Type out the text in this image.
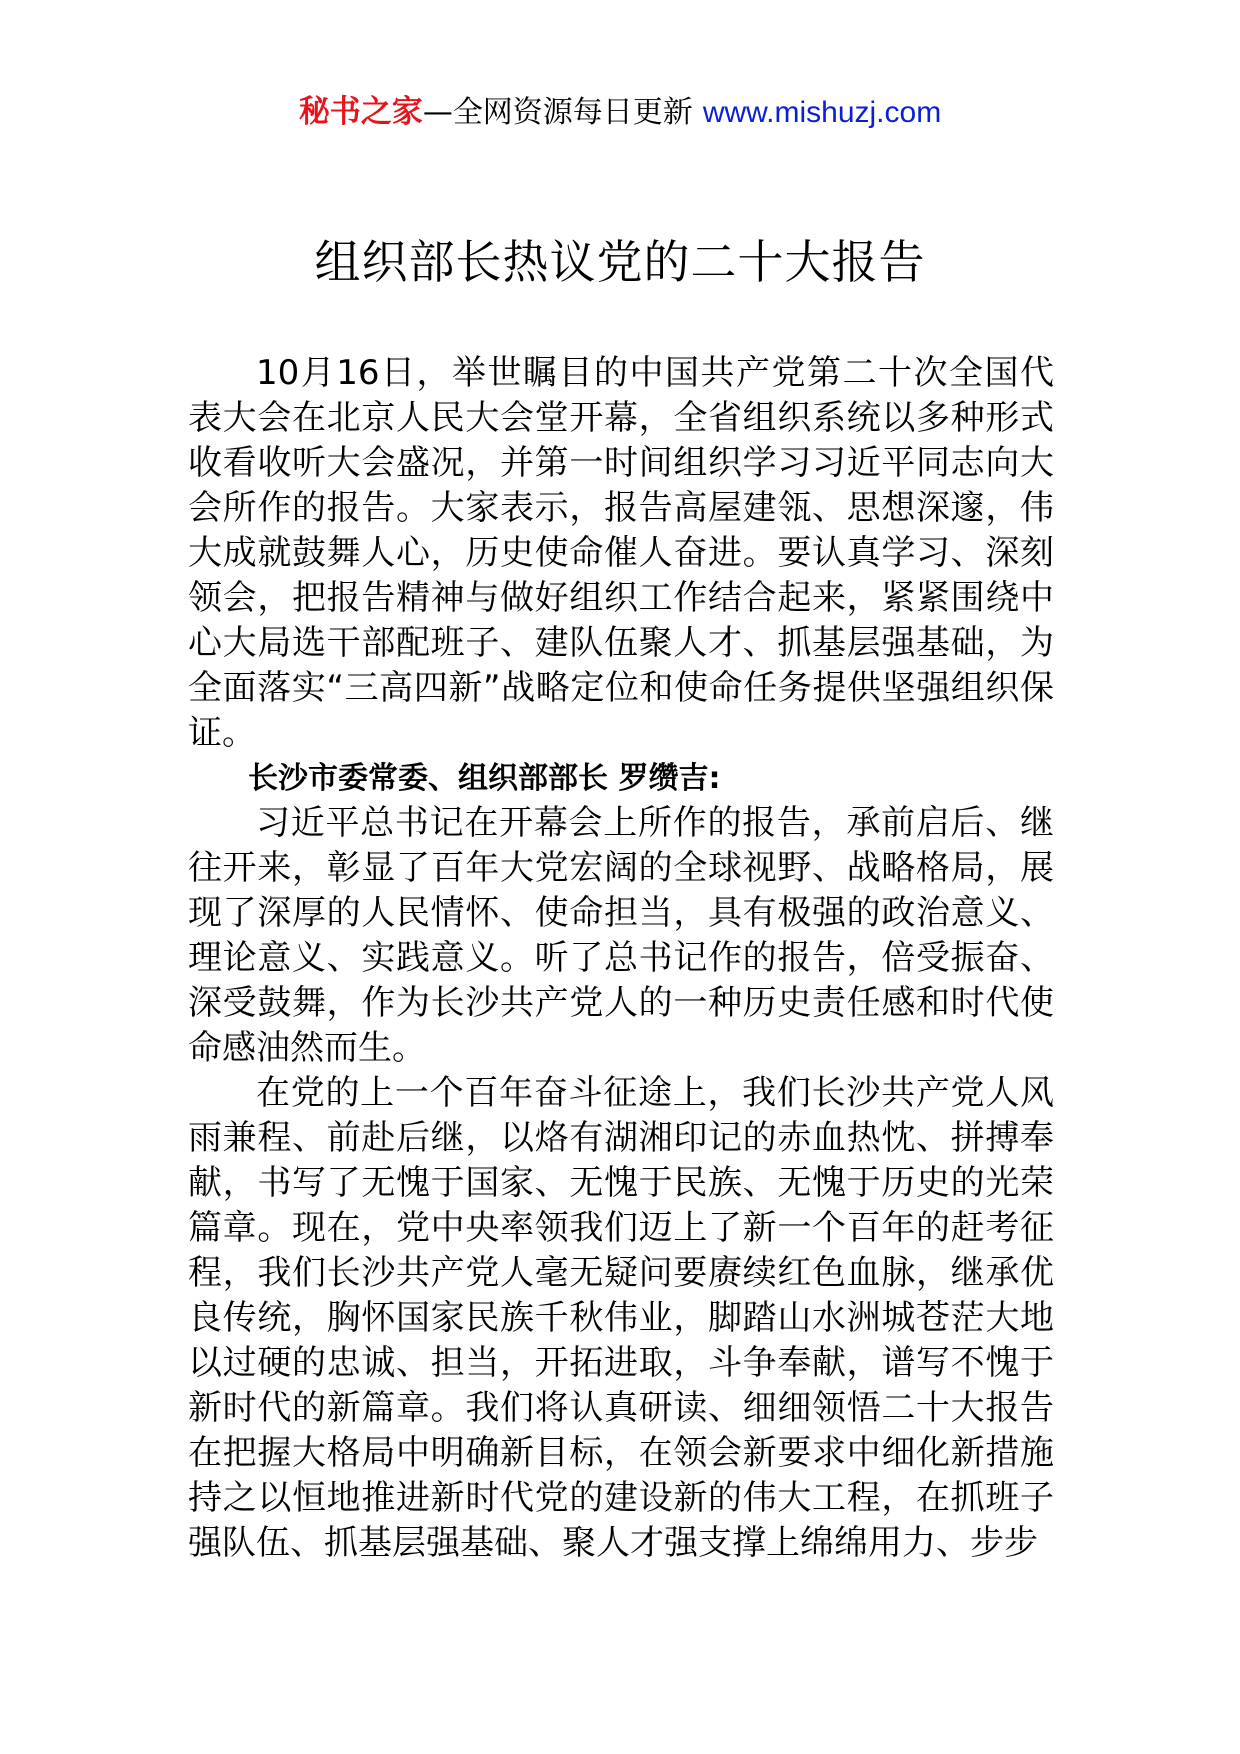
秘书之家—全网资源每日更新 www.mishuzj.com
组织部长热议党的二十大报告

10月16日，举世瞩目的中国共产党第二十次全国代表大会在北京人民大会堂开幕，全省组织系统以多种形式收看收听大会盛况，并第一时间组织学习习近平同志向大会所作的报告。大家表示，报告高屋建瓴、思想深邃，伟大成就鼓舞人心，历史使命催人奋进。要认真学习、深刻领会，把报告精神与做好组织工作结合起来，紧紧围绕中心大局选干部配班子、建队伍聚人才、抓基层强基础，为全面落实“三高四新”战略定位和使命任务提供坚强组织保证。

长沙市委常委、组织部部长 罗缵吉:

习近平总书记在开幕会上所作的报告，承前启后、继往开来，彰显了百年大党宏阔的全球视野、战略格局，展现了深厚的人民情怀、使命担当，具有极强的政治意义、理论意义、实践意义。听了总书记作的报告，倍受振奋、深受鼓舞，作为长沙共产党人的一种历史责任感和时代使命感油然而生。

在党的上一个百年奋斗征途上，我们长沙共产党人风雨兼程、前赴后继，以烙有湖湘印记的赤血热忱、拼搏奉献，书写了无愧于国家、无愧于民族、无愧于历史的光荣篇章。现在，党中央率领我们迈上了新一个百年的赶考征程，我们长沙共产党人毫无疑问要赓续红色血脉，继承优良传统，胸怀国家民族千秋伟业，脚踏山水洲城苍茫大地以过硬的忠诚、担当，开拓进取，斗争奉献，谱写不愧于新时代的新篇章。我们将认真研读、细细领悟二十大报告在把握大格局中明确新目标，在领会新要求中细化新措施持之以恒地推进新时代党的建设新的伟大工程，在抓班子强队伍、抓基层强基础、聚人才强支撑上绵绵用力、步步
